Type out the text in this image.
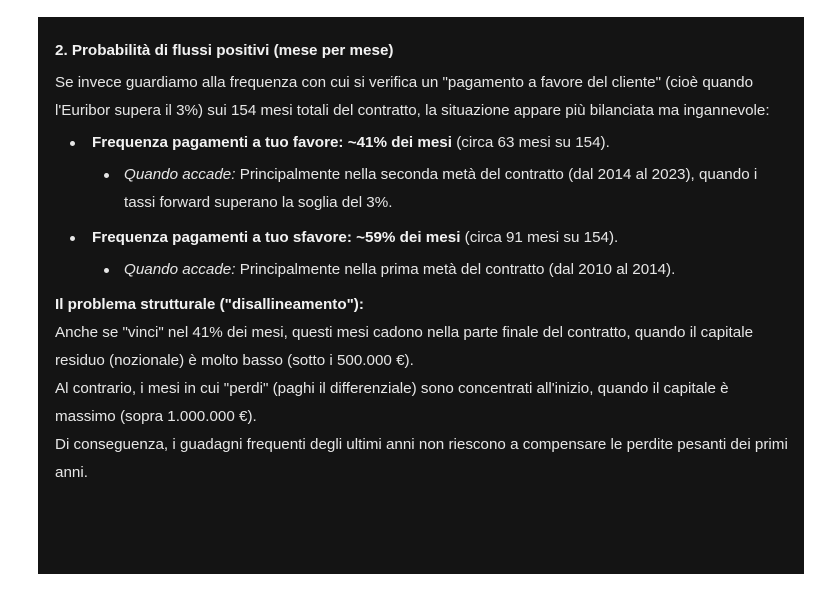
2. Probabilità di flussi positivi (mese per mese)

Se invece guardiamo alla frequenza con cui si verifica un "pagamento a favore del cliente" (cioè quando l'Euribor supera il 3%) sui 154 mesi totali del contratto, la situazione appare più bilanciata ma ingannevole:

Frequenza pagamenti a tuo favore: ~41% dei mesi (circa 63 mesi su 154).
Quando accade: Principalmente nella seconda metà del contratto (dal 2014 al 2023), quando i tassi forward superano la soglia del 3%.
Frequenza pagamenti a tuo sfavore: ~59% dei mesi (circa 91 mesi su 154).
Quando accade: Principalmente nella prima metà del contratto (dal 2010 al 2014).
Il problema strutturale ("disallineamento"):

Anche se "vinci" nel 41% dei mesi, questi mesi cadono nella parte finale del contratto, quando il capitale residuo (nozionale) è molto basso (sotto i 500.000 €).

Al contrario, i mesi in cui "perdi" (paghi il differenziale) sono concentrati all'inizio, quando il capitale è massimo (sopra 1.000.000 €).

Di conseguenza, i guadagni frequenti degli ultimi anni non riescono a compensare le perdite pesanti dei primi anni.
